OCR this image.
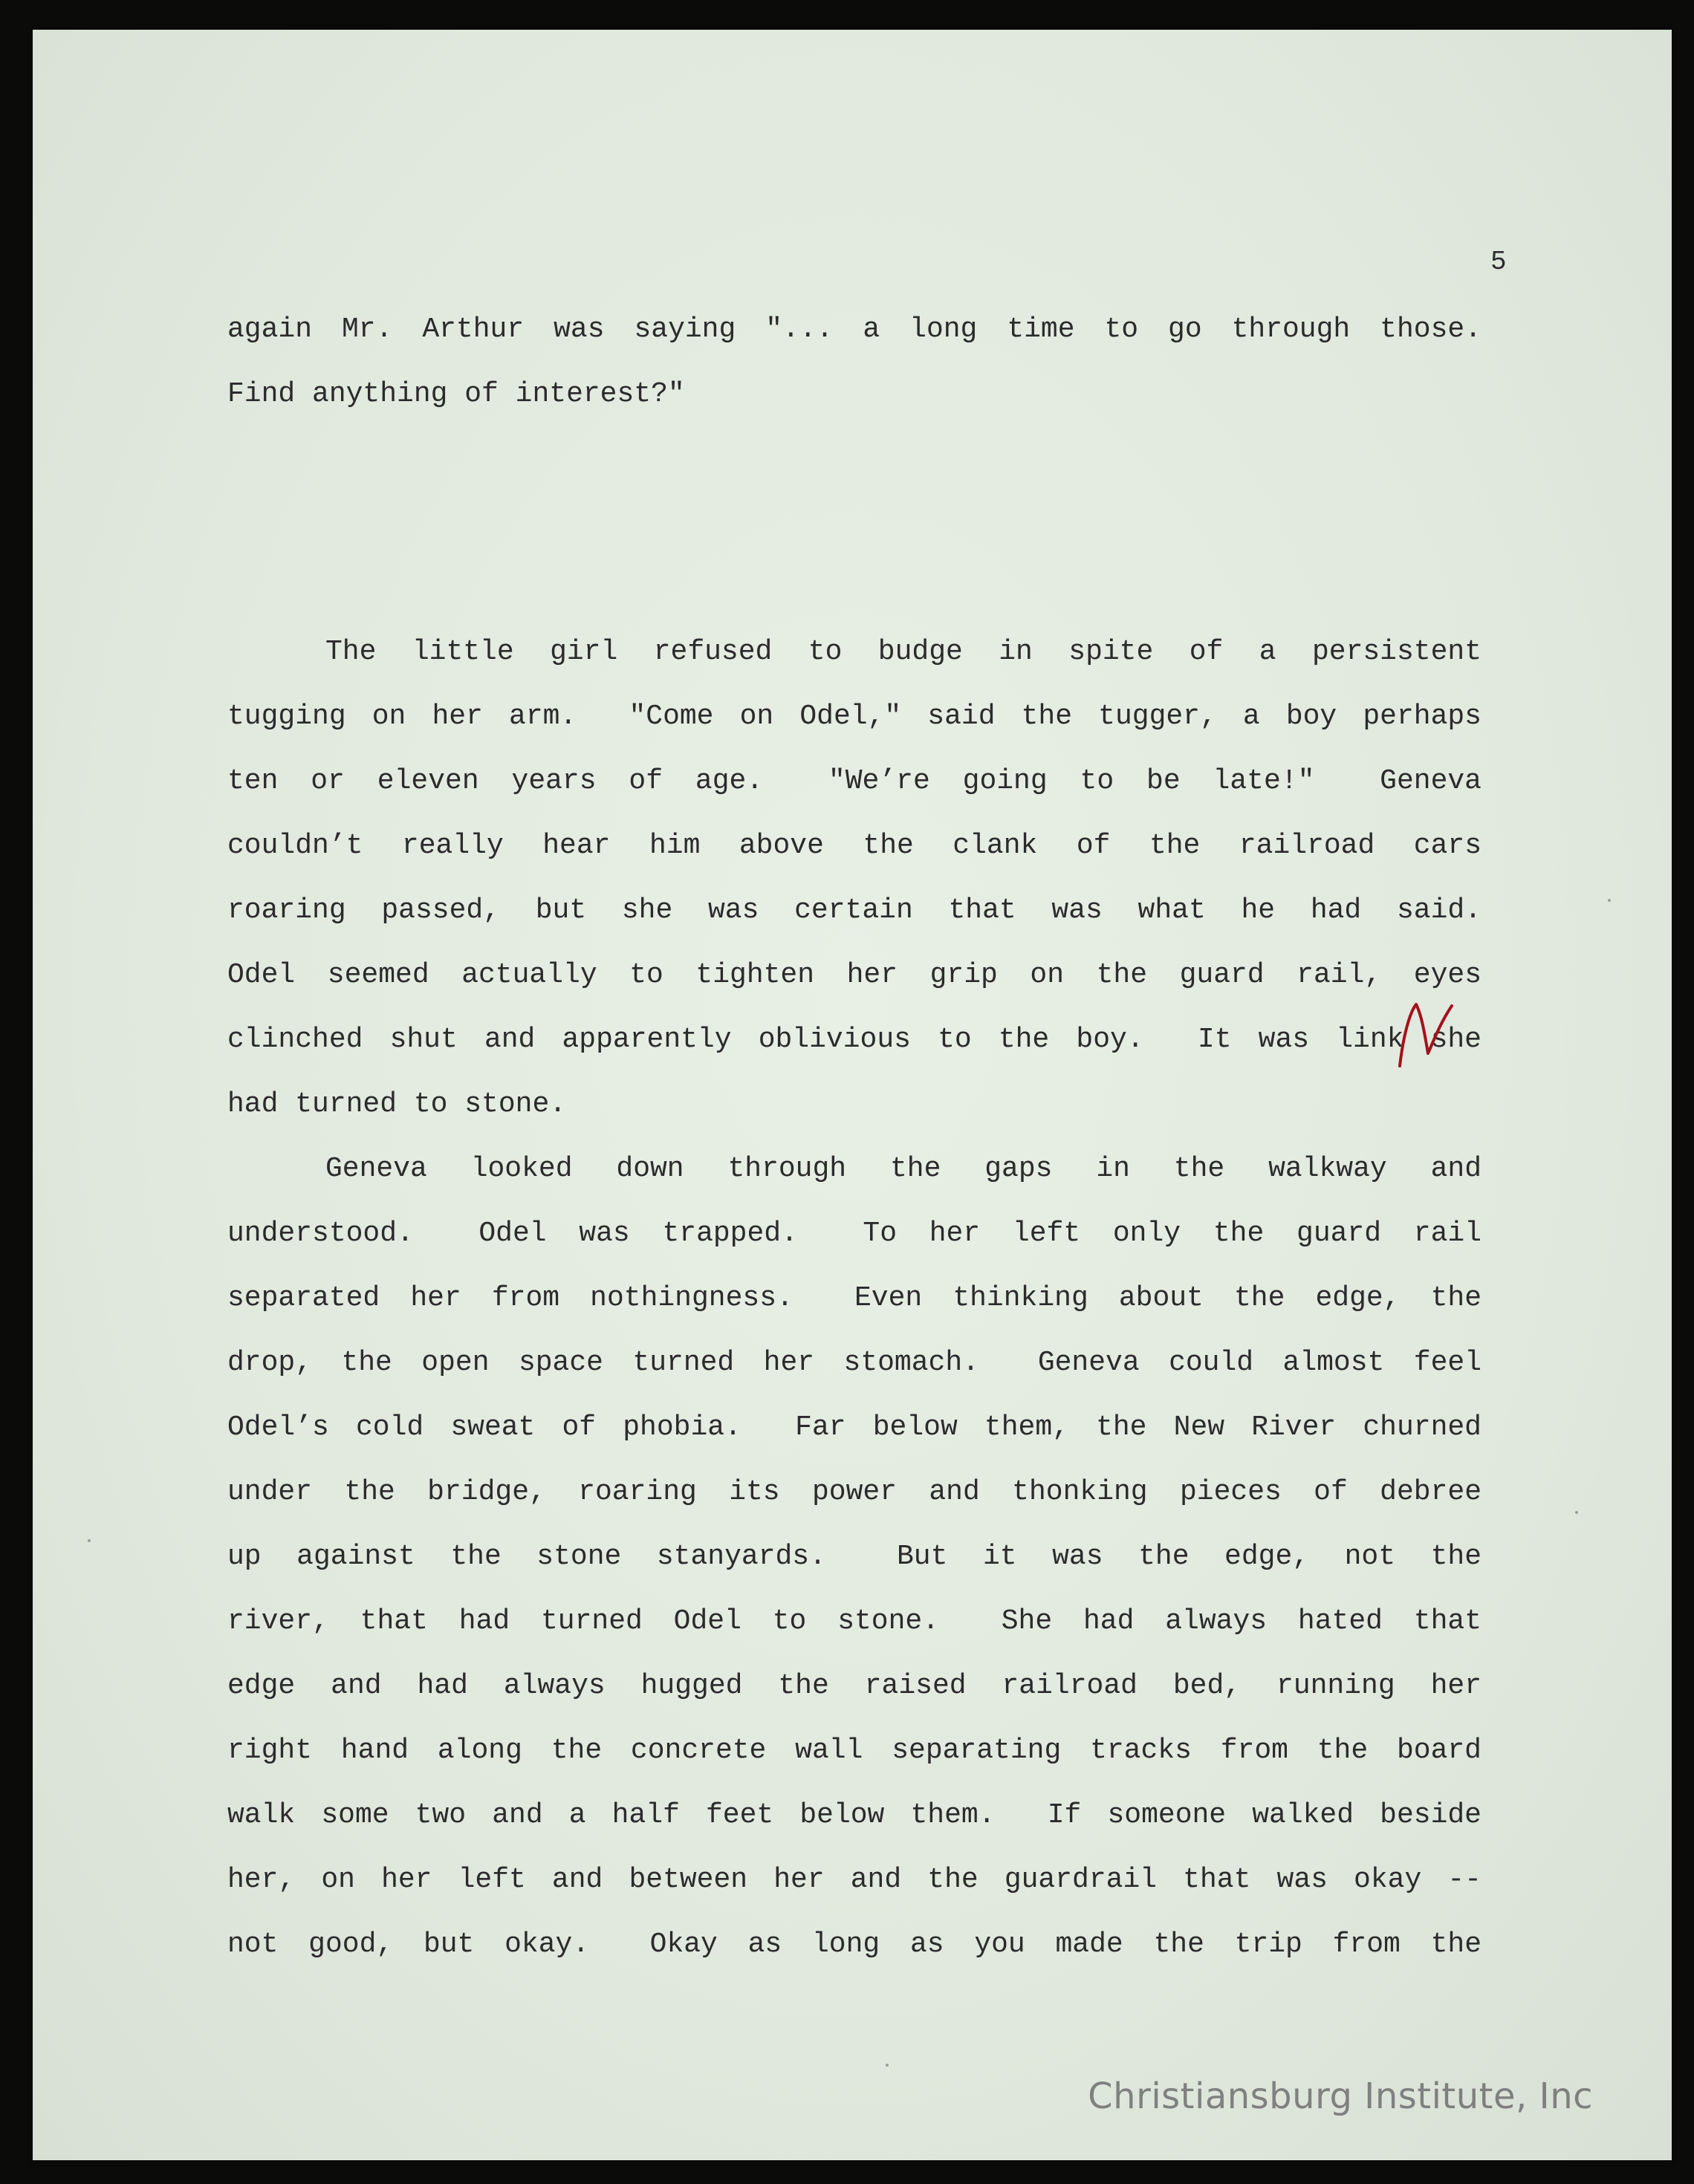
5
again Mr. Arthur was saying "... a long time to go through those.
Find anything of interest?"
The little girl refused to budge in spite of a persistent
tugging on her arm.  "Come on Odel," said the tugger, a boy perhaps
ten or eleven years of age.  "We’re going to be late!"  Geneva
couldn’t really hear him above the clank of the railroad cars
roaring passed, but she was certain that was what he had said.
Odel seemed actually to tighten her grip on the guard rail, eyes
clinched shut and apparently oblivious to the boy.  It was link she
had turned to stone.
Geneva looked down through the gaps in the walkway and
understood.  Odel was trapped.  To her left only the guard rail
separated her from nothingness.  Even thinking about the edge, the
drop, the open space turned her stomach.  Geneva could almost feel
Odel’s cold sweat of phobia.  Far below them, the New River churned
under the bridge, roaring its power and thonking pieces of debree
up against the stone stanyards.  But it was the edge, not the
river, that had turned Odel to stone.  She had always hated that
edge and had always hugged the raised railroad bed, running her
right hand along the concrete wall separating tracks from the board
walk some two and a half feet below them.  If someone walked beside
her, on her left and between her and the guardrail that was okay --
not good, but okay.  Okay as long as you made the trip from the
Christiansburg Institute, Inc
